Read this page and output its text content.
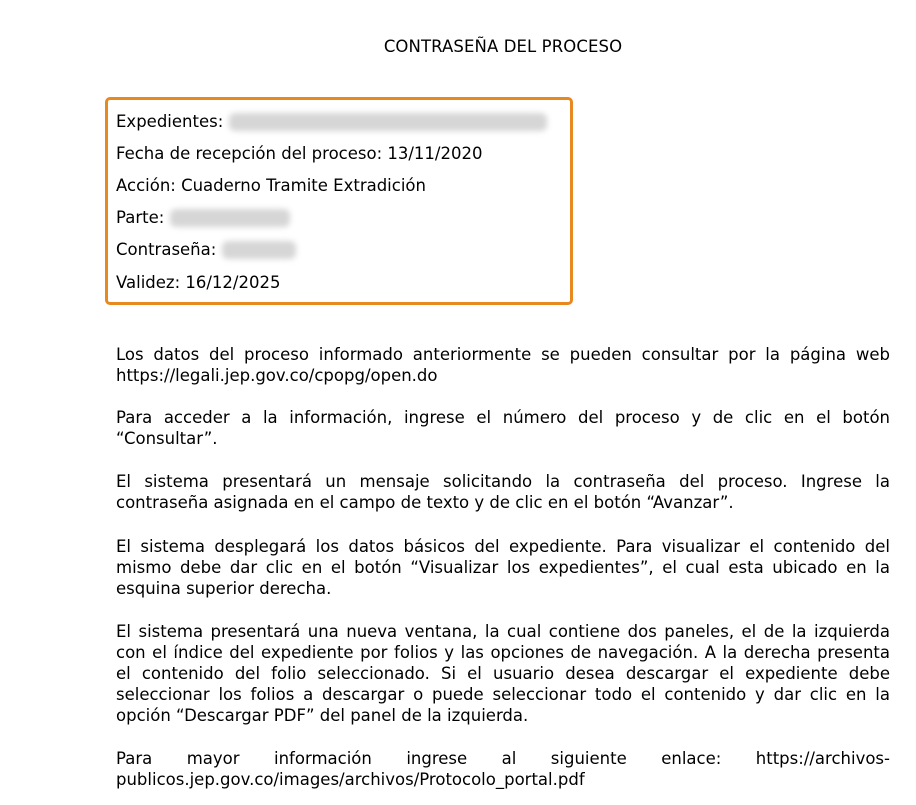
CONTRASEÑA DEL PROCESO
Expedientes:
Fecha de recepción del proceso: 13/11/2020
Acción: Cuaderno Tramite Extradición
Parte:
Contraseña:
Validez: 16/12/2025
Los datos del proceso informado anteriormente se pueden consultar por la página web https://legali.jep.gov.co/cpopg/open.do
Para acceder a la información, ingrese el número del proceso y de clic en el botón “Consultar”.
El sistema presentará un mensaje solicitando la contraseña del proceso. Ingrese la contraseña asignada en el campo de texto y de clic en el botón “Avanzar”.
El sistema desplegará los datos básicos del expediente. Para visualizar el contenido del mismo debe dar clic en el botón “Visualizar los expedientes”, el cual esta ubicado en la esquina superior derecha.
El sistema presentará una nueva ventana, la cual contiene dos paneles, el de la izquierda con el índice del expediente por folios y las opciones de navegación. A la derecha presenta el contenido del folio seleccionado. Si el usuario desea descargar el expediente debe seleccionar los folios a descargar o puede seleccionar todo el contenido y dar clic en la opción “Descargar PDF” del panel de la izquierda.
Para mayor información ingrese al siguiente enlace: https://archivos-publicos.jep.gov.co/images/archivos/Protocolo_portal.pdf
